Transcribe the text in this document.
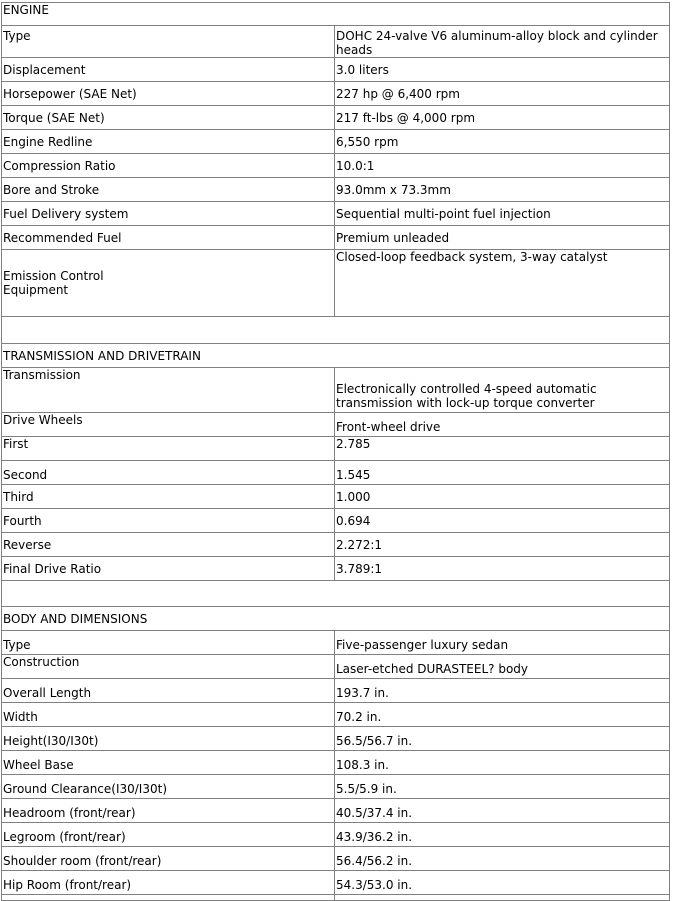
ENGINE	
Type	DOHC 24-valve V6 aluminum-alloy block and cylinder heads
Displacement	3.0 liters
Horsepower (SAE Net)	227 hp @ 6,400 rpm
Torque (SAE Net)	217 ft-lbs @ 4,000 rpm
Engine Redline	6,550 rpm
Compression Ratio	10.0:1
Bore and Stroke	93.0mm x 73.3mm
Fuel Delivery system	Sequential multi-point fuel injection
Recommended Fuel	Premium unleaded
Emission Control Equipment	Closed-loop feedback system, 3-way catalyst

TRANSMISSION AND DRIVETRAIN	
Transmission	Electronically controlled 4-speed automatic transmission with lock-up torque converter
Drive Wheels	Front-wheel drive
First	2.785
Second	1.545
Third	1.000
Fourth	0.694
Reverse	2.272:1
Final Drive Ratio	3.789:1

BODY AND DIMENSIONS	
Type	Five-passenger luxury sedan
Construction	Laser-etched DURASTEEL? body
Overall Length	193.7 in.
Width	70.2 in.
Height(I30/I30t)	56.5/56.7 in.
Wheel Base	108.3 in.
Ground Clearance(I30/I30t)	5.5/5.9 in.
Headroom (front/rear)	40.5/37.4 in.
Legroom (front/rear)	43.9/36.2 in.
Shoulder room (front/rear)	56.4/56.2 in.
Hip Room (front/rear)	54.3/53.0 in.
